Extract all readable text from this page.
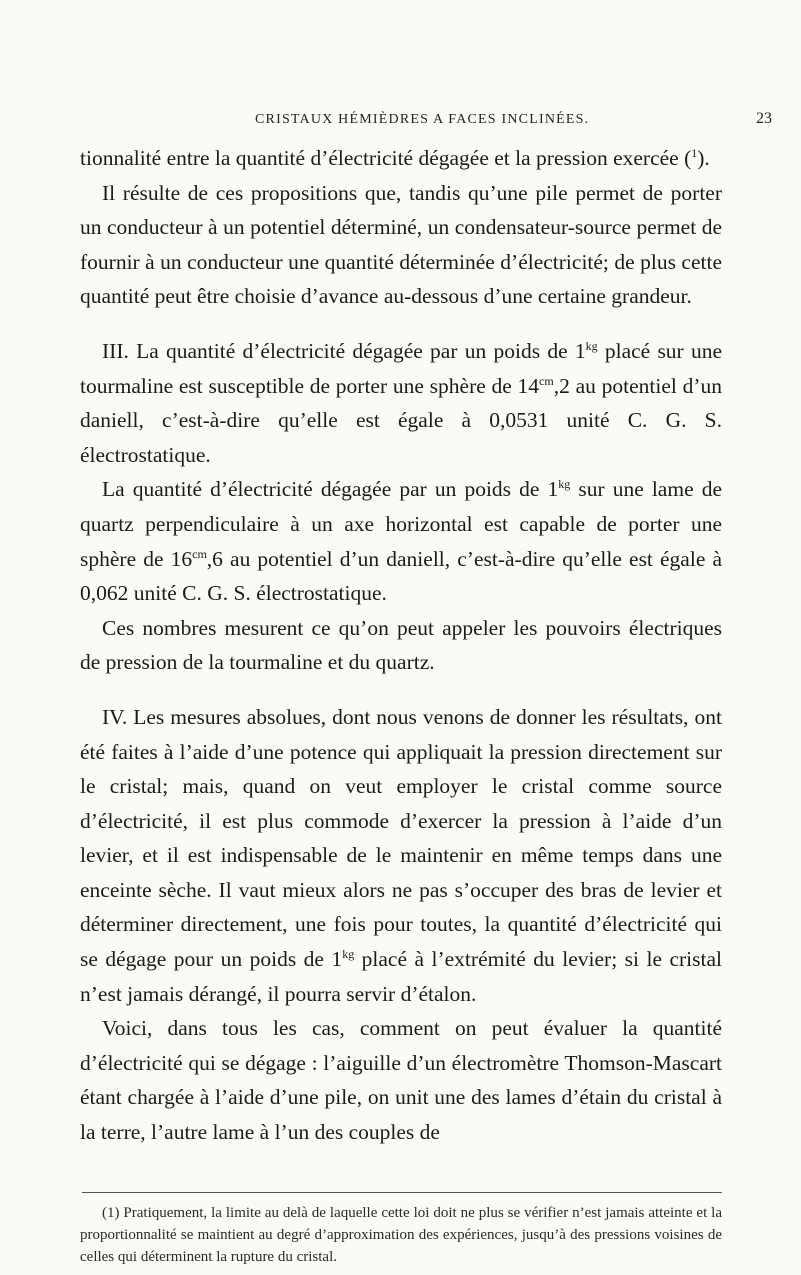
CRISTAUX HÉMIÈDRES A FACES INCLINÉES.	23

tionnalité entre la quantité d’électricité dégagée et la pression exercée ($^1$).

Il résulte de ces propositions que, tandis qu’une pile permet de porter un conducteur à un potentiel déterminé, un condensateur-source permet de fournir à un conducteur une quantité déterminée d’électricité; de plus cette quantité peut être choisie d’avance au-dessous d’une certaine grandeur.

III. La quantité d’électricité dégagée par un poids de $1^{kg}$ placé sur une tourmaline est susceptible de porter une sphère de $14^{cm},2$ au potentiel d’un daniell, c’est-à-dire qu’elle est égale à 0,0531 unité C. G. S. électrostatique.

La quantité d’électricité dégagée par un poids de $1^{kg}$ sur une lame de quartz perpendiculaire à un axe horizontal est capable de porter une sphère de $16^{cm},6$ au potentiel d’un daniell, c’est-à-dire qu’elle est égale à 0,062 unité C. G. S. électrostatique.

Ces nombres mesurent ce qu’on peut appeler les pouvoirs électriques de pression de la tourmaline et du quartz.

IV. Les mesures absolues, dont nous venons de donner les résultats, ont été faites à l’aide d’une potence qui appliquait la pression directement sur le cristal; mais, quand on veut employer le cristal comme source d’électricité, il est plus commode d’exercer la pression à l’aide d’un levier, et il est indispensable de le maintenir en même temps dans une enceinte sèche. Il vaut mieux alors ne pas s’occuper des bras de levier et déterminer directement, une fois pour toutes, la quantité d’électricité qui se dégage pour un poids de $1^{kg}$ placé à l’extrémité du levier; si le cristal n’est jamais dérangé, il pourra servir d’étalon.

Voici, dans tous les cas, comment on peut évaluer la quantité d’électricité qui se dégage : l’aiguille d’un électromètre Thomson-Mascart étant chargée à l’aide d’une pile, on unit une des lames d’étain du cristal à la terre, l’autre lame à l’un des couples de

(1) Pratiquement, la limite au delà de laquelle cette loi doit ne plus se vérifier n’est jamais atteinte et la proportionnalité se maintient au degré d’approximation des expériences, jusqu’à des pressions voisines de celles qui déterminent la rupture du cristal.
